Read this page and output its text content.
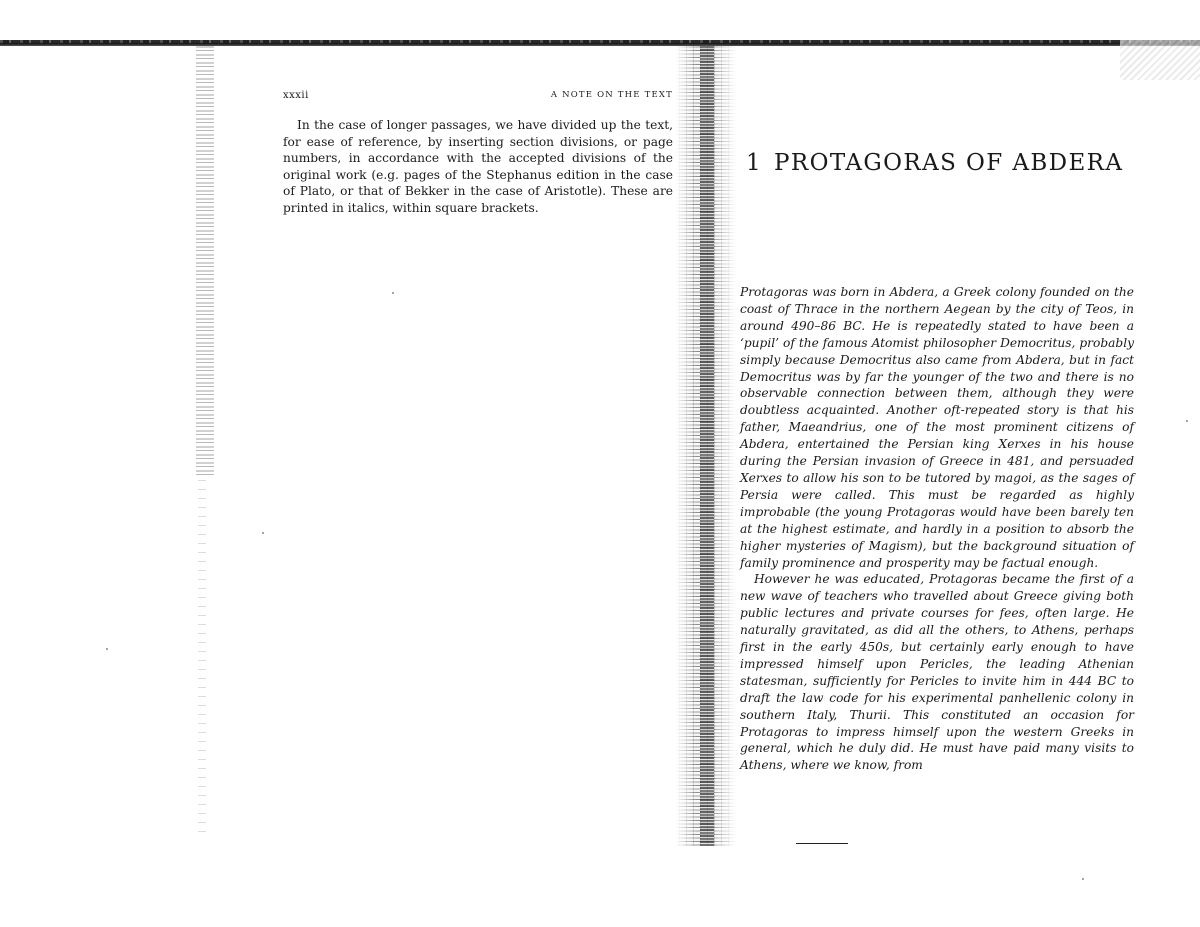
xxxii	A NOTE ON THE TEXT

In the case of longer passages, we have divided up the text, for ease of reference, by inserting section divisions, or page numbers, in accordance with the accepted divisions of the original work (e.g. pages of the Stephanus edition in the case of Plato, or that of Bekker in the case of Aristotle). These are printed in italics, within square brackets.

1 PROTAGORAS OF ABDERA

Protagoras was born in Abdera, a Greek colony founded on the coast of Thrace in the northern Aegean by the city of Teos, in around 490–86 BC. He is repeatedly stated to have been a ‘pupil’ of the famous Atomist philosopher Democritus, probably simply because Democritus also came from Abdera, but in fact Democritus was by far the younger of the two and there is no observable connection between them, although they were doubtless acquainted. Another oft-repeated story is that his father, Maeandrius, one of the most prominent citizens of Abdera, entertained the Persian king Xerxes in his house during the Persian invasion of Greece in 481, and persuaded Xerxes to allow his son to be tutored by magoi, as the sages of Persia were called. This must be regarded as highly improbable (the young Protagoras would have been barely ten at the highest estimate, and hardly in a position to absorb the higher mysteries of Magism), but the background situation of family prominence and prosperity may be factual enough.

However he was educated, Protagoras became the first of a new wave of teachers who travelled about Greece giving both public lectures and private courses for fees, often large. He naturally gravitated, as did all the others, to Athens, perhaps first in the early 450s, but certainly early enough to have impressed himself upon Pericles, the leading Athenian statesman, sufficiently for Pericles to invite him in 444 BC to draft the law code for his experimental panhellenic colony in southern Italy, Thurii. This constituted an occasion for Protagoras to impress himself upon the western Greeks in general, which he duly did. He must have paid many visits to Athens, where we know, from
